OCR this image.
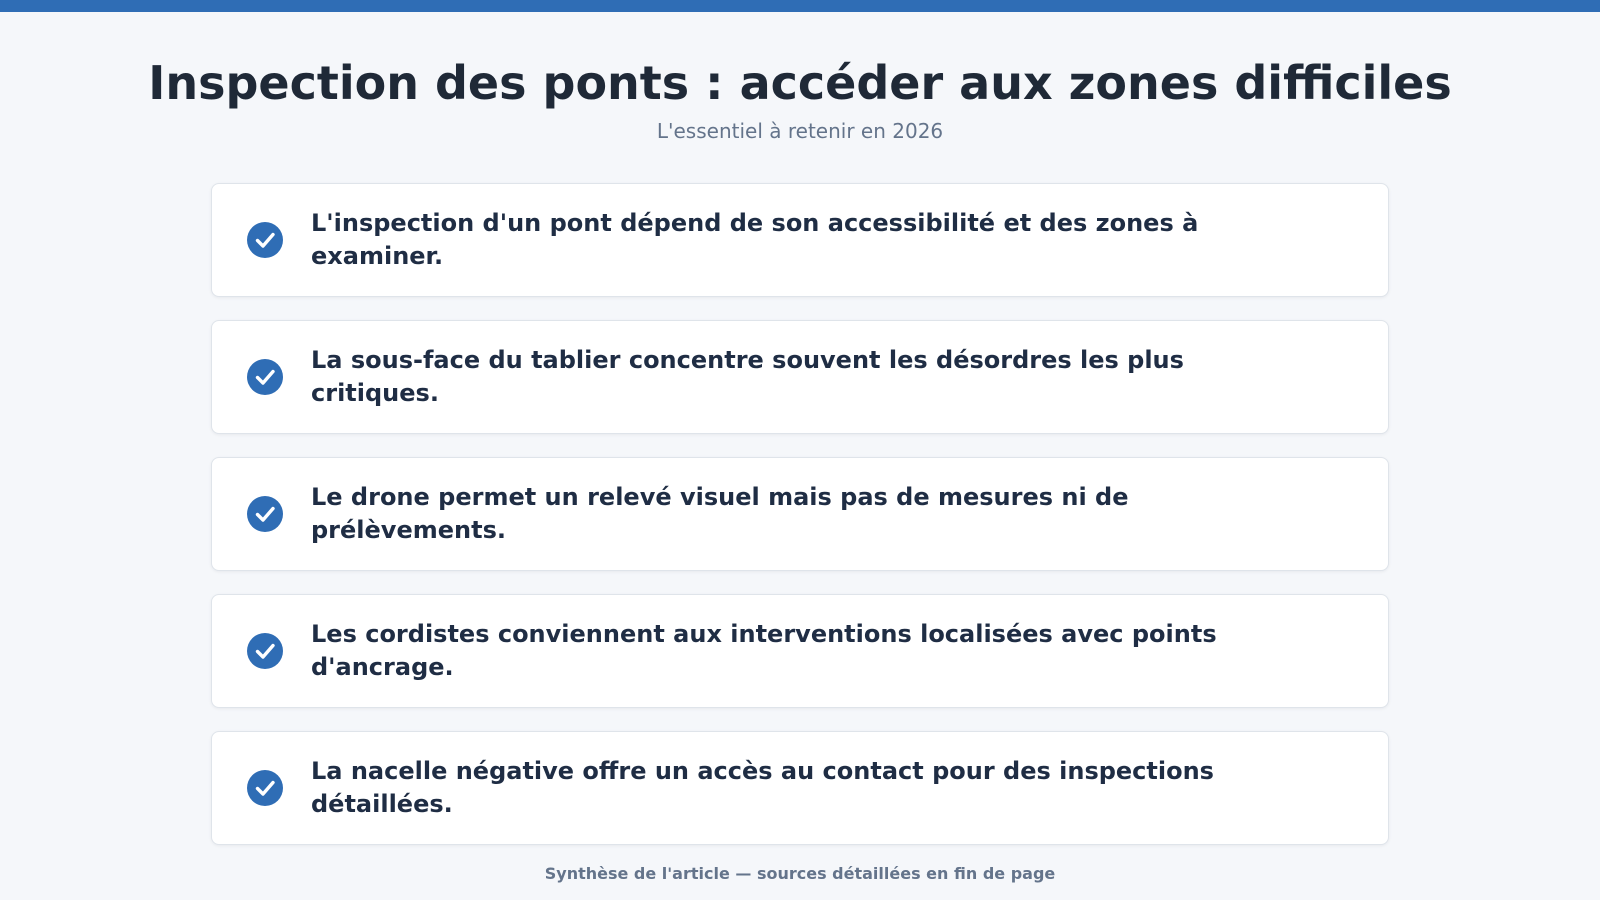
Inspection des ponts : accéder aux zones difficiles
L'essentiel à retenir en 2026
L'inspection d'un pont dépend de son accessibilité et des zones à examiner.
La sous-face du tablier concentre souvent les désordres les plus critiques.
Le drone permet un relevé visuel mais pas de mesures ni de prélèvements.
Les cordistes conviennent aux interventions localisées avec points d'ancrage.
La nacelle négative offre un accès au contact pour des inspections détaillées.
Synthèse de l'article — sources détaillées en fin de page
